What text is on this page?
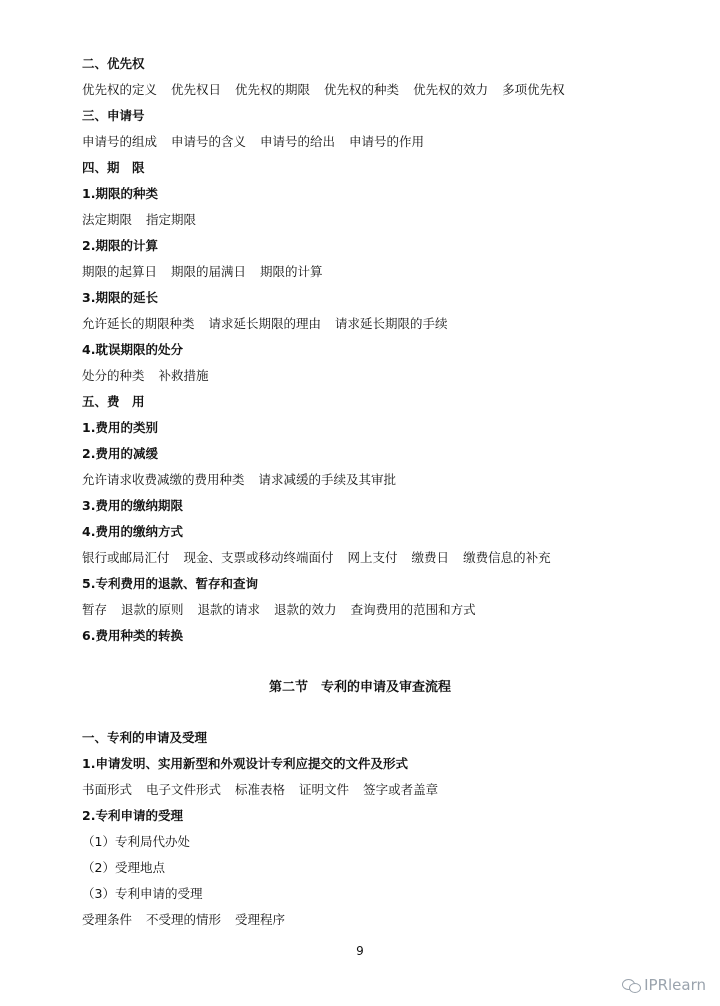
二、优先权
优先权的定义 优先权日 优先权的期限 优先权的种类 优先权的效力 多项优先权
三、申请号
申请号的组成 申请号的含义 申请号的给出 申请号的作用
四、期　限
1.期限的种类
法定期限 指定期限
2.期限的计算
期限的起算日 期限的届满日 期限的计算
3.期限的延长
允许延长的期限种类 请求延长期限的理由 请求延长期限的手续
4.耽误期限的处分
处分的种类 补救措施
五、费　用
1.费用的类别
2.费用的减缓
允许请求收费减缴的费用种类 请求减缓的手续及其审批
3.费用的缴纳期限
4.费用的缴纳方式
银行或邮局汇付 现金、支票或移动终端面付 网上支付 缴费日 缴费信息的补充
5.专利费用的退款、暂存和查询
暂存 退款的原则 退款的请求 退款的效力 查询费用的范围和方式
6.费用种类的转换
第二节　专利的申请及审查流程
一、专利的申请及受理
1.申请发明、实用新型和外观设计专利应提交的文件及形式
书面形式 电子文件形式 标准表格 证明文件 签字或者盖章
2.专利申请的受理
（1）专利局代办处
（2）受理地点
（3）专利申请的受理
受理条件 不受理的情形 受理程序
9
IPRlearn
